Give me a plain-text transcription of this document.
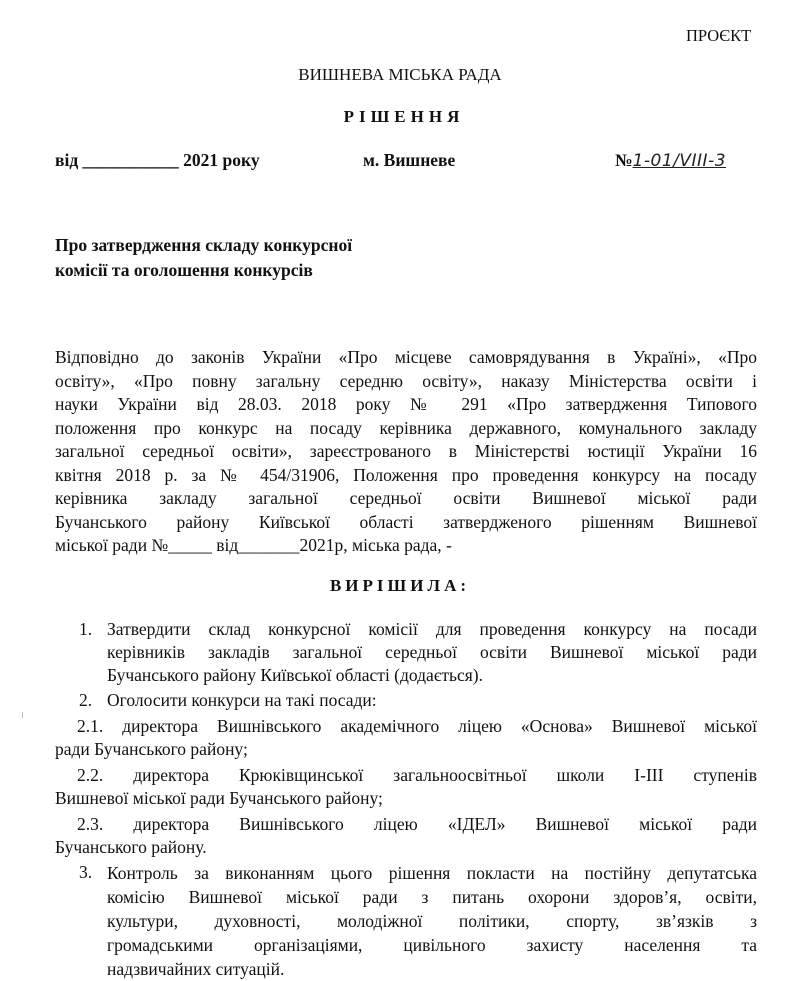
ПРОЄКТ
ВИШНЕВА МІСЬКА РАДА
РІШЕННЯ
від ___________ 2021 року	м. Вишневе	№1-01/VIII-3
Про затвердження складу конкурсної
комісії та оголошення конкурсів
Відповідно до законів України «Про місцеве самоврядування в Україні», «Про
освіту», «Про повну загальну середню освіту», наказу Міністерства освіти і
науки України від 28.03. 2018 року № 291 «Про затвердження Типового
положення про конкурс на посаду керівника державного, комунального закладу
загальної середньої освіти», зареєстрованого в Міністерстві юстиції України 16
квітня 2018 р. за № 454/31906, Положення про проведення конкурсу на посаду
керівника закладу загальної середньої освіти Вишневої міської ради
Бучанського району Київської області затвердженого рішенням Вишневої
міської ради №_____ від_______2021р, міська рада, -
ВИРІШИЛА:
1. Затвердити склад конкурсної комісії для проведення конкурсу на посади
керівників закладів загальної середньої освіти Вишневої міської ради
Бучанського району Київської області (додається).
2. Оголосити конкурси на такі посади:
2.1. директора Вишнівського академічного ліцею «Основа» Вишневої міської
ради Бучанського району;
2.2. директора Крюківщинської загальноосвітньої школи І-ІІІ ступенів
Вишневої міської ради Бучанського району;
2.3. директора Вишнівського ліцею «ІДЕЛ» Вишневої міської ради
Бучанського району.
3. Контроль за виконанням цього рішення покласти на постійну депутатська
комісію Вишневої міської ради з питань охорони здоров’я, освіти,
культури, духовності, молодіжної політики, спорту, зв’язків з
громадськими організаціями, цивільного захисту населення та
надзвичайних ситуацій.
